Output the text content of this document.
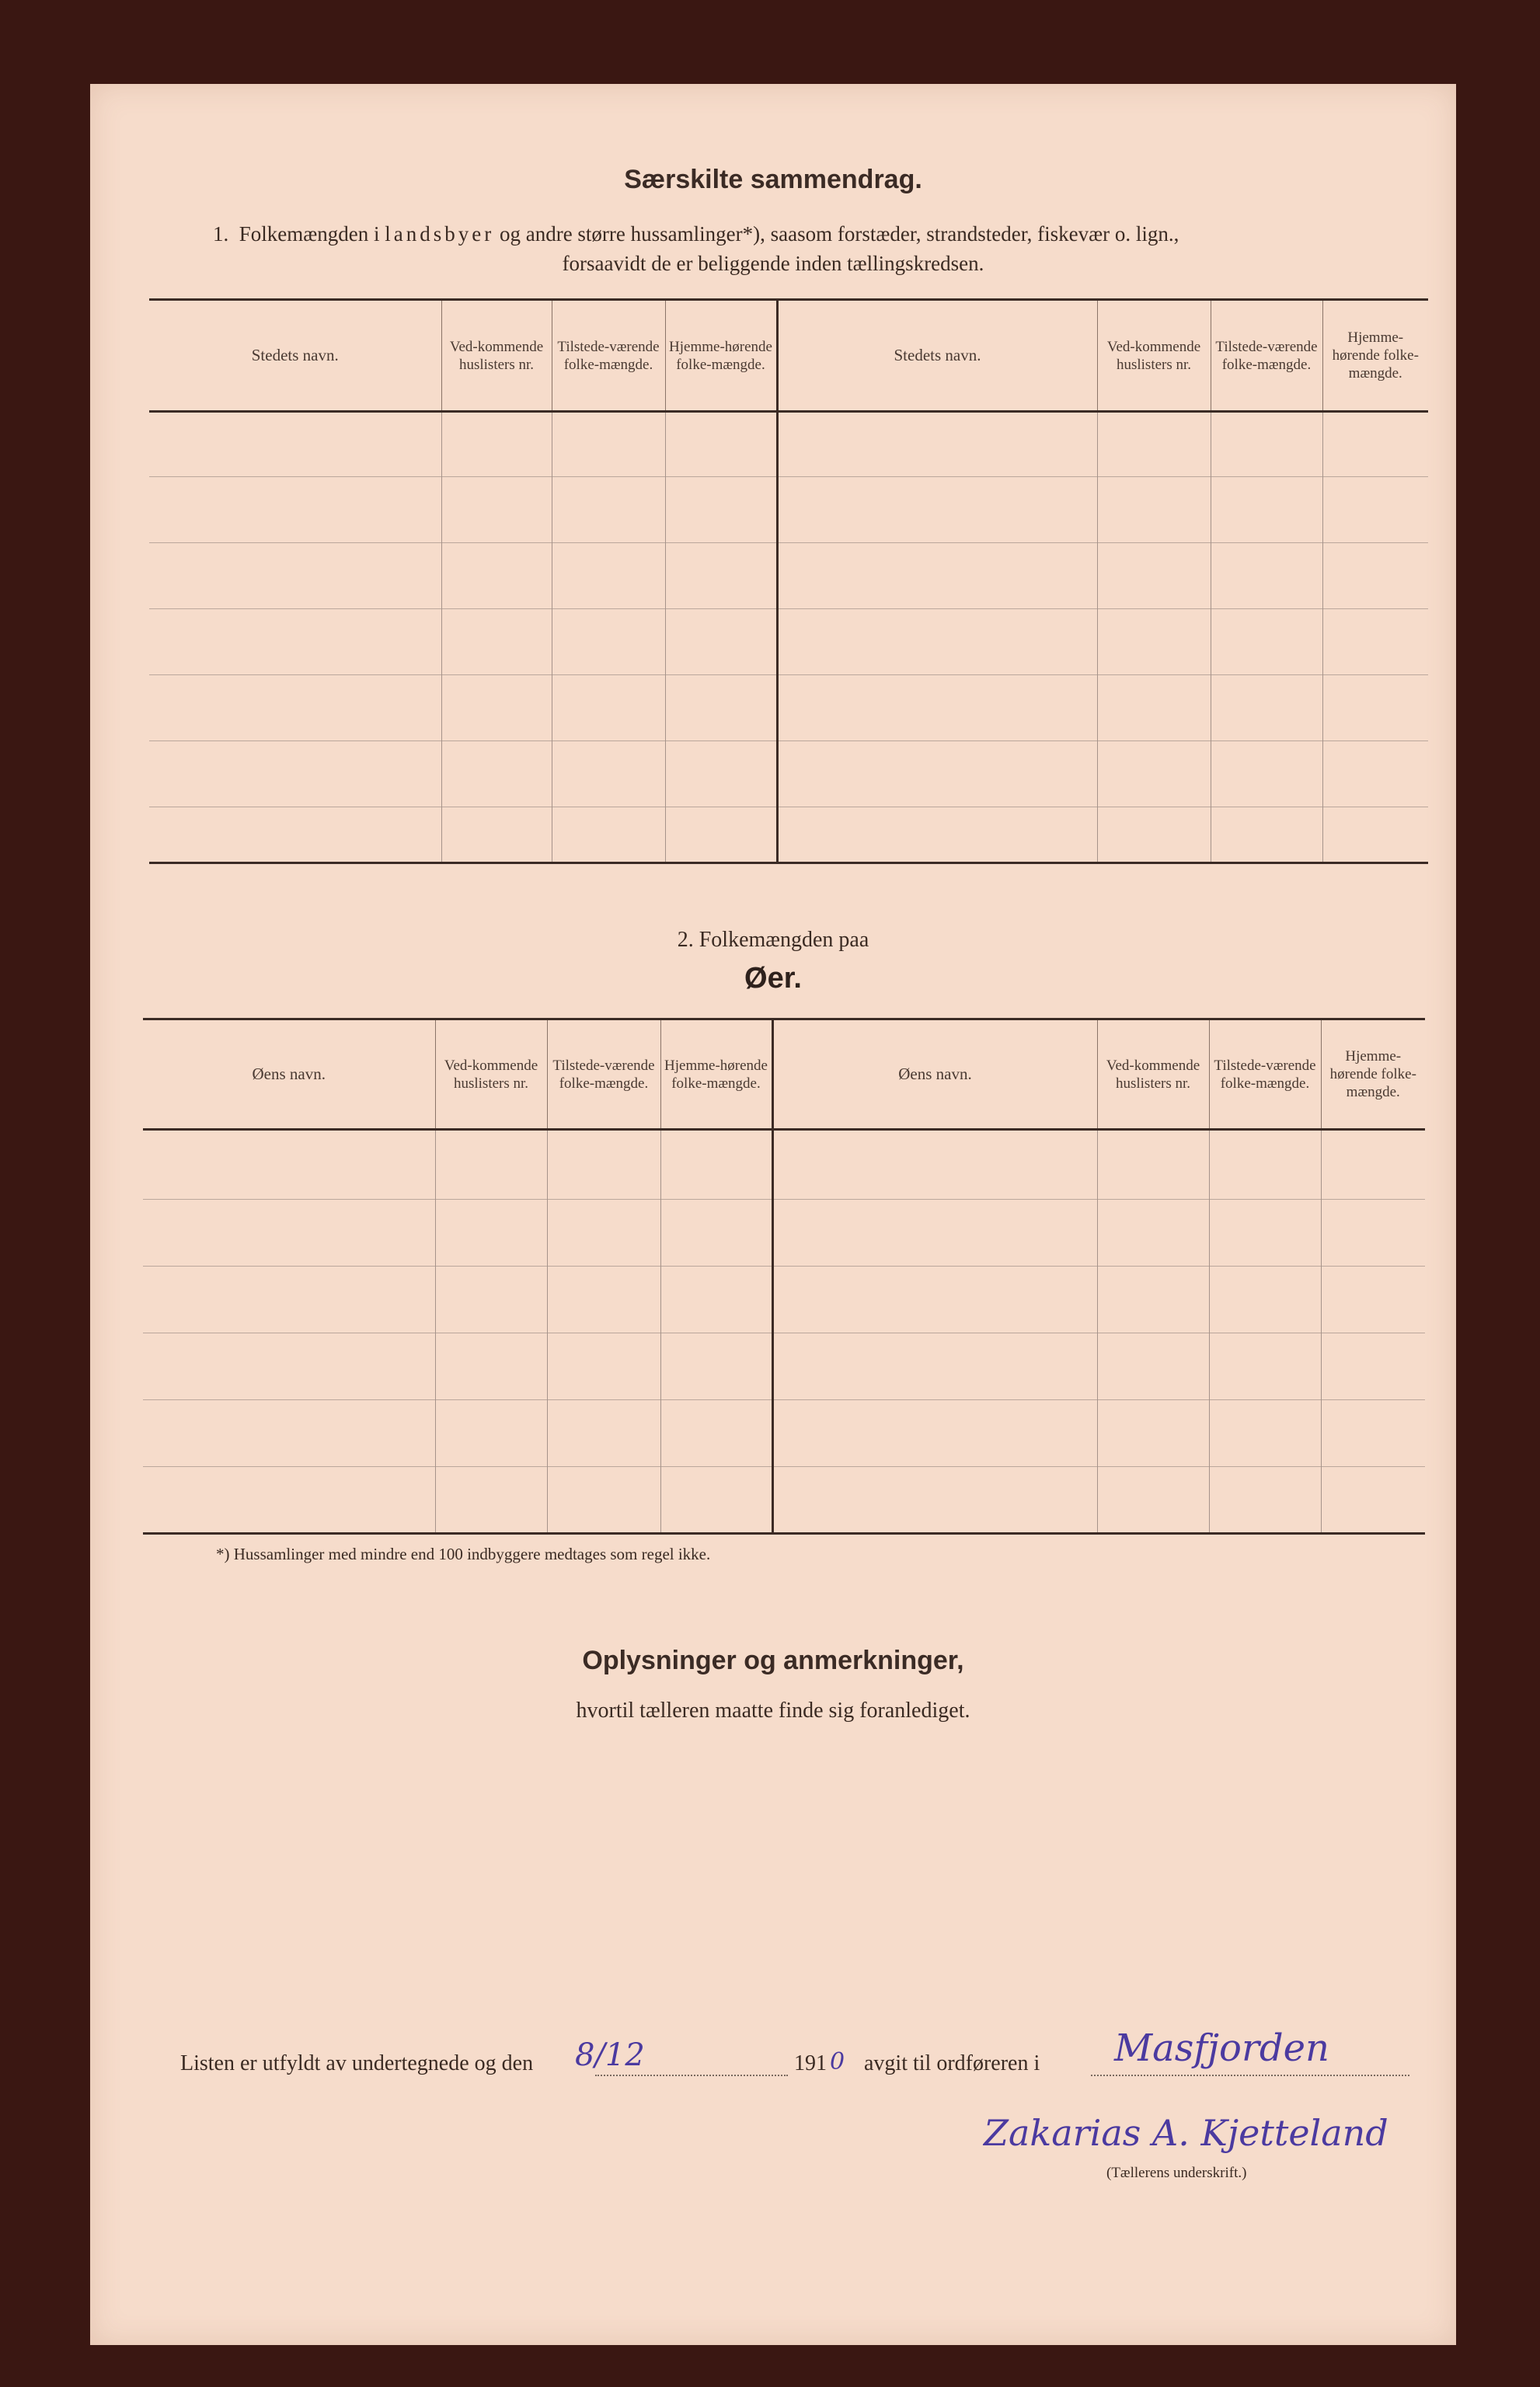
Særskilte sammendrag.
1. Folkemængden i landsbyer og andre større hussamlinger*), saasom forstæder, strandsteder, fiskevær o. lign.,
forsaavidt de er beliggende inden tællingskredsen.
Stedets navn.	Ved-kommende huslisters nr.	Tilstede-værende folke-mængde.	Hjemme-hørende folke-mængde.	Stedets navn.	Ved-kommende huslisters nr.	Tilstede-værende folke-mængde.	Hjemme-hørende folke-mængde.

2. Folkemængden paa
Øer.
Øens navn.	Ved-kommende huslisters nr.	Tilstede-værende folke-mængde.	Hjemme-hørende folke-mængde.	Øens navn.	Ved-kommende huslisters nr.	Tilstede-værende folke-mængde.	Hjemme-hørende folke-mængde.

*) Hussamlinger med mindre end 100 indbyggere medtages som regel ikke.
Oplysninger og anmerkninger,
hvortil tælleren maatte finde sig foranlediget.
Listen er utfyldt av undertegnede og den 8/12	191 0 avgit til ordføreren i Masfjorden
Zakarias A. Kjetteland
(Tællerens underskrift.)
